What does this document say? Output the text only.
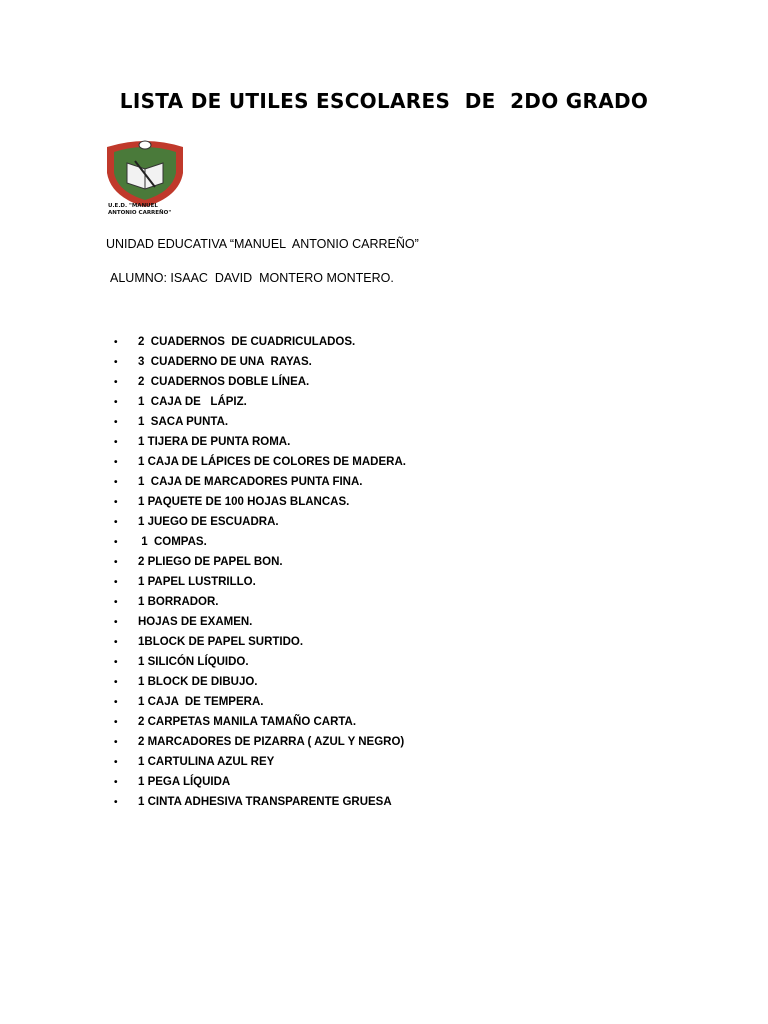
LISTA DE UTILES ESCOLARES  DE  2DO GRADO
U.E.D. "MANUEL
ANTONIO CARREÑO"
UNIDAD EDUCATIVA “MANUEL  ANTONIO CARREÑO”
ALUMNO: ISAAC  DAVID  MONTERO MONTERO.
• 2  CUADERNOS  DE CUADRICULADOS.
• 3  CUADERNO DE UNA  RAYAS.
• 2  CUADERNOS DOBLE LÍNEA.
• 1  CAJA DE   LÁPIZ.
• 1  SACA PUNTA.
• 1 TIJERA DE PUNTA ROMA.
• 1 CAJA DE LÁPICES DE COLORES DE MADERA.
• 1  CAJA DE MARCADORES PUNTA FINA.
• 1 PAQUETE DE 100 HOJAS BLANCAS.
• 1 JUEGO DE ESCUADRA.
• 1  COMPAS.
• 2 PLIEGO DE PAPEL BON.
• 1 PAPEL LUSTRILLO.
• 1 BORRADOR.
• HOJAS DE EXAMEN.
• 1BLOCK DE PAPEL SURTIDO.
• 1 SILICÓN LÍQUIDO.
• 1 BLOCK DE DIBUJO.
• 1 CAJA  DE TEMPERA.
• 2 CARPETAS MANILA TAMAÑO CARTA.
• 2 MARCADORES DE PIZARRA ( AZUL Y NEGRO)
• 1 CARTULINA AZUL REY
• 1 PEGA LÍQUIDA
• 1 CINTA ADHESIVA TRANSPARENTE GRUESA
